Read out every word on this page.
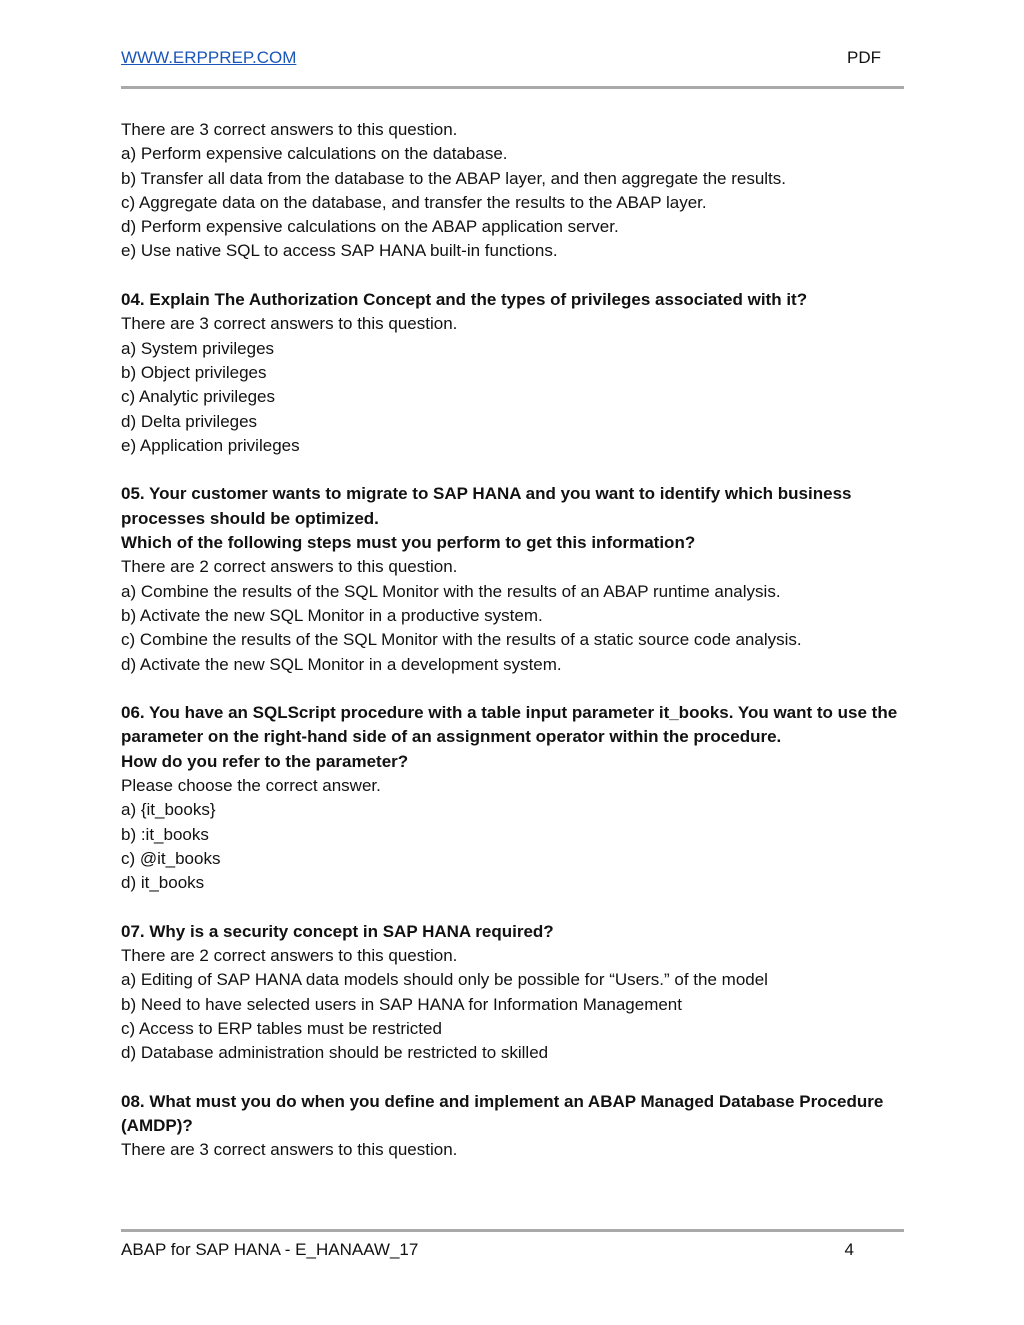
WWW.ERPPREP.COM	PDF

There are 3 correct answers to this question.

a) Perform expensive calculations on the database.

b) Transfer all data from the database to the ABAP layer, and then aggregate the results.

c) Aggregate data on the database, and transfer the results to the ABAP layer.

d) Perform expensive calculations on the ABAP application server.

e) Use native SQL to access SAP HANA built-in functions.

04. Explain The Authorization Concept and the types of privileges associated with it?

There are 3 correct answers to this question.

a) System privileges

b) Object privileges

c) Analytic privileges

d) Delta privileges

e) Application privileges

05. Your customer wants to migrate to SAP HANA and you want to identify which business processes should be optimized.

Which of the following steps must you perform to get this information?

There are 2 correct answers to this question.

a) Combine the results of the SQL Monitor with the results of an ABAP runtime analysis.

b) Activate the new SQL Monitor in a productive system.

c) Combine the results of the SQL Monitor with the results of a static source code analysis.

d) Activate the new SQL Monitor in a development system.

06. You have an SQLScript procedure with a table input parameter it_books. You want to use the parameter on the right-hand side of an assignment operator within the procedure.

How do you refer to the parameter?

Please choose the correct answer.

a) {it_books}

b) :it_books

c) @it_books

d) it_books

07. Why is a security concept in SAP HANA required?

There are 2 correct answers to this question.

a) Editing of SAP HANA data models should only be possible for “Users.” of the model

b) Need to have selected users in SAP HANA for Information Management

c) Access to ERP tables must be restricted

d) Database administration should be restricted to skilled

08. What must you do when you define and implement an ABAP Managed Database Procedure (AMDP)?

There are 3 correct answers to this question.

ABAP for SAP HANA - E_HANAAW_17	4
